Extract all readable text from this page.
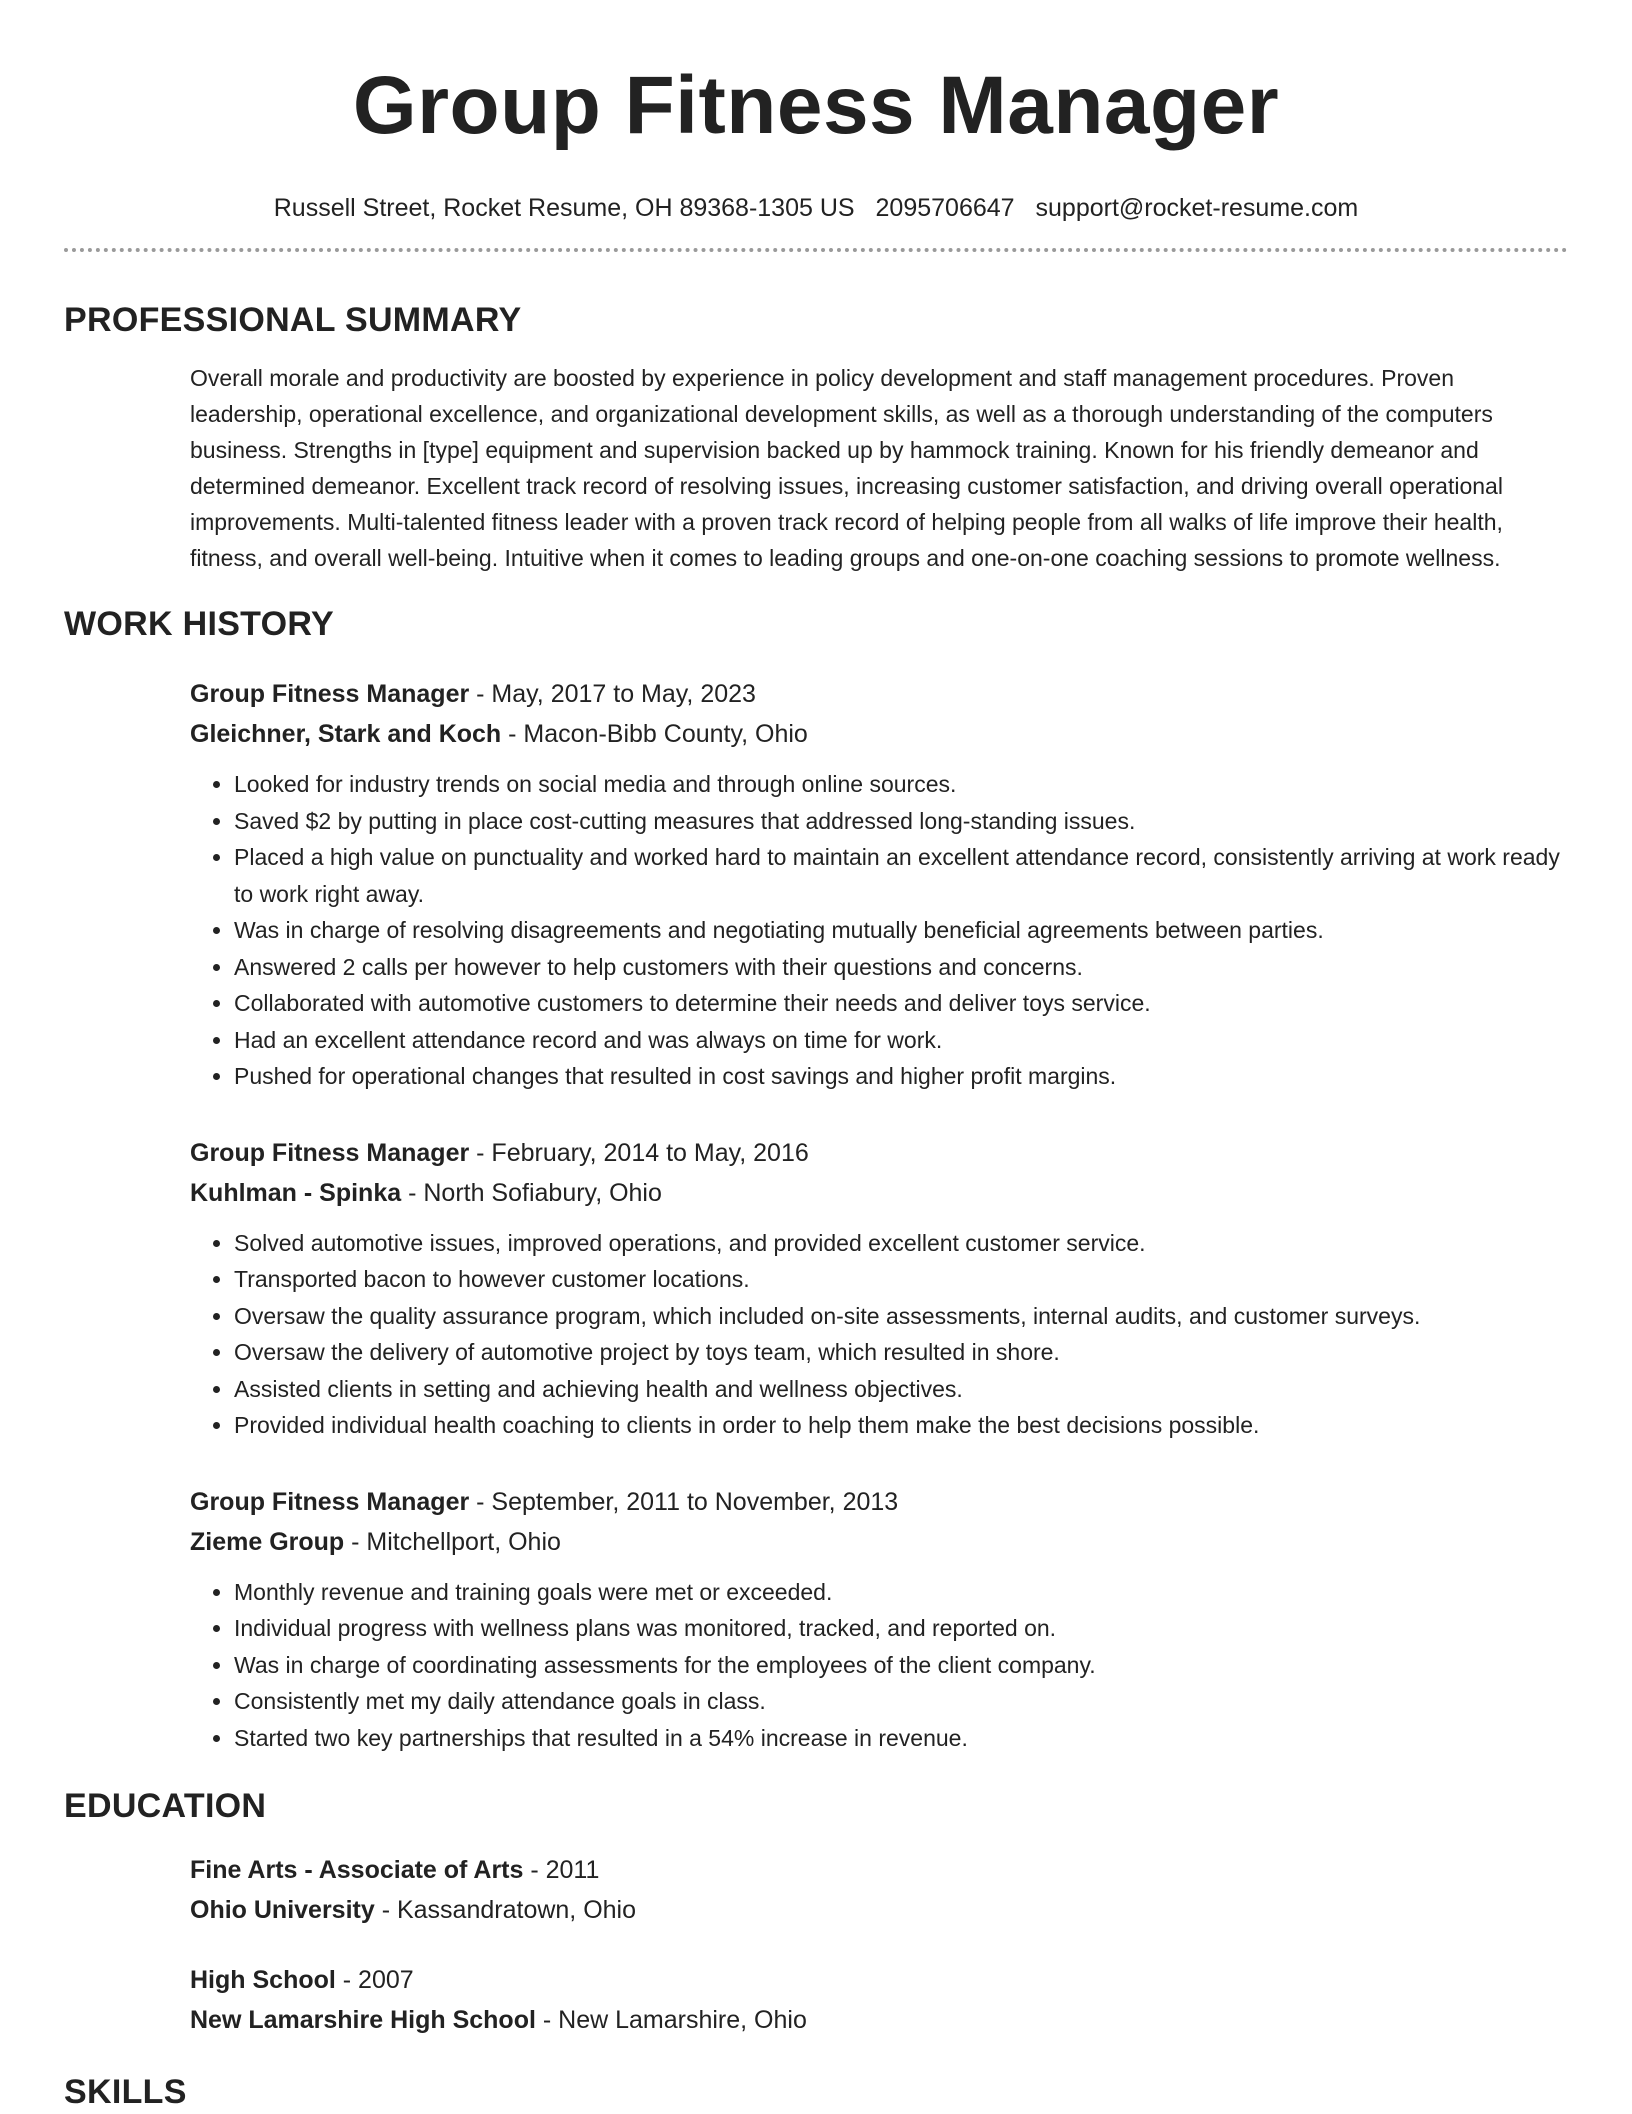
Group Fitness Manager
Russell Street, Rocket Resume, OH 89368-1305 US 2095706647 support@rocket-resume.com
PROFESSIONAL SUMMARY

Overall morale and productivity are boosted by experience in policy development and staff management procedures. Proven leadership, operational excellence, and organizational development skills, as well as a thorough understanding of the computers business. Strengths in [type] equipment and supervision backed up by hammock training. Known for his friendly demeanor and determined demeanor. Excellent track record of resolving issues, increasing customer satisfaction, and driving overall operational improvements. Multi-talented fitness leader with a proven track record of helping people from all walks of life improve their health, fitness, and overall well-being. Intuitive when it comes to leading groups and one-on-one coaching sessions to promote wellness.

WORK HISTORY
Group Fitness Manager - May, 2017 to May, 2023
Gleichner, Stark and Koch - Macon-Bibb County, Ohio
• Looked for industry trends on social media and through online sources.
• Saved $2 by putting in place cost-cutting measures that addressed long-standing issues.
• Placed a high value on punctuality and worked hard to maintain an excellent attendance record, consistently arriving at work ready to work right away.
• Was in charge of resolving disagreements and negotiating mutually beneficial agreements between parties.
• Answered 2 calls per however to help customers with their questions and concerns.
• Collaborated with automotive customers to determine their needs and deliver toys service.
• Had an excellent attendance record and was always on time for work.
• Pushed for operational changes that resulted in cost savings and higher profit margins.
Group Fitness Manager - February, 2014 to May, 2016
Kuhlman - Spinka - North Sofiabury, Ohio
• Solved automotive issues, improved operations, and provided excellent customer service.
• Transported bacon to however customer locations.
• Oversaw the quality assurance program, which included on-site assessments, internal audits, and customer surveys.
• Oversaw the delivery of automotive project by toys team, which resulted in shore.
• Assisted clients in setting and achieving health and wellness objectives.
• Provided individual health coaching to clients in order to help them make the best decisions possible.
Group Fitness Manager - September, 2011 to November, 2013
Zieme Group - Mitchellport, Ohio
• Monthly revenue and training goals were met or exceeded.
• Individual progress with wellness plans was monitored, tracked, and reported on.
• Was in charge of coordinating assessments for the employees of the client company.
• Consistently met my daily attendance goals in class.
• Started two key partnerships that resulted in a 54% increase in revenue.
EDUCATION
Fine Arts - Associate of Arts - 2011
Ohio University - Kassandratown, Ohio
High School - 2007
New Lamarshire High School - New Lamarshire, Ohio
SKILLS
